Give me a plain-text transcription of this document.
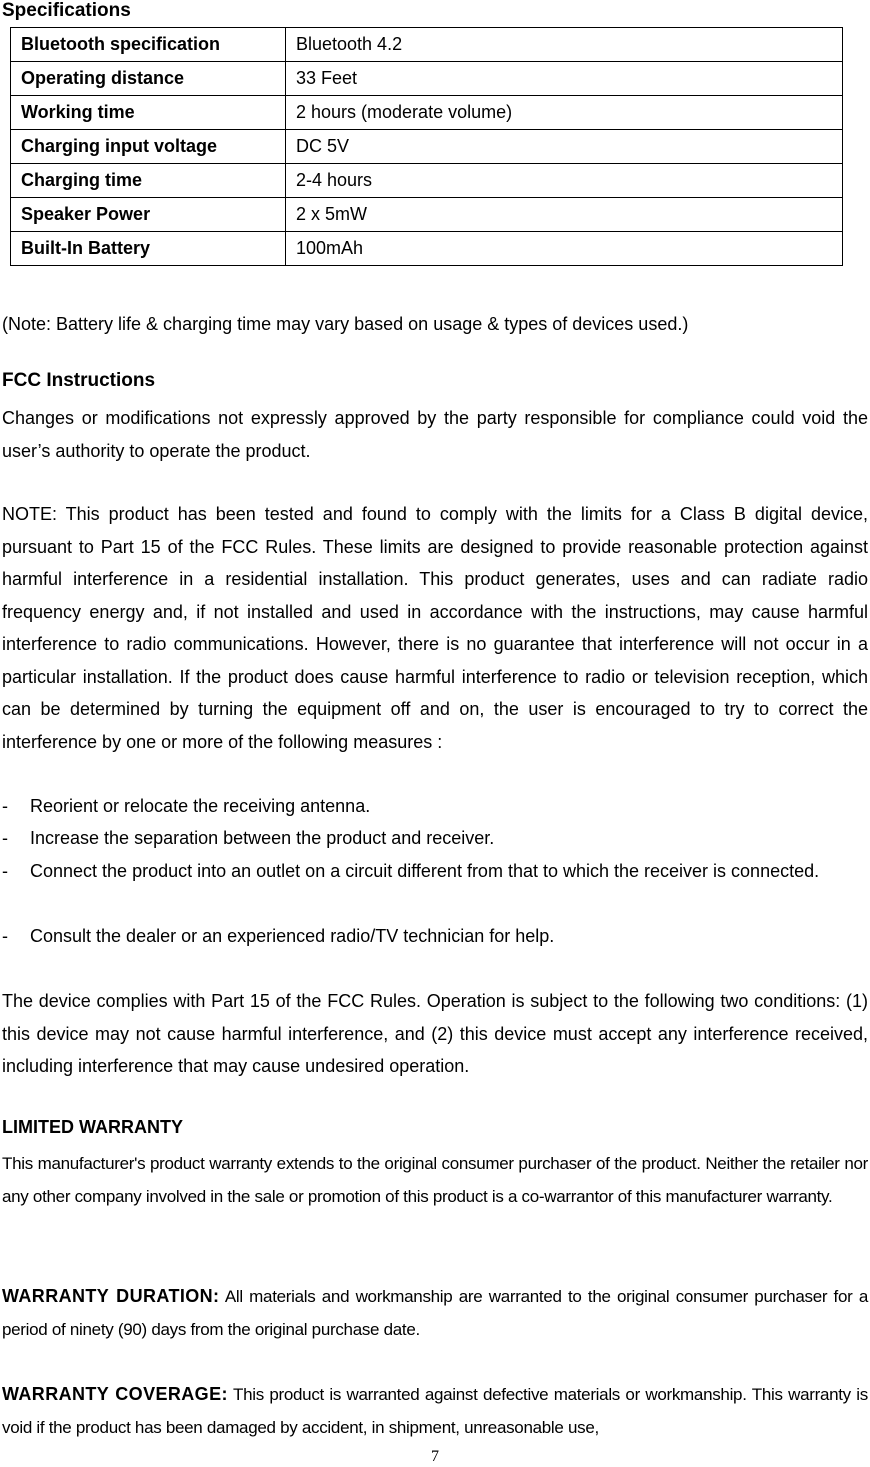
Specifications
Bluetooth specification	Bluetooth 4.2
Operating distance	33 Feet
Working time	2 hours (moderate volume)
Charging input voltage	DC 5V
Charging time	2-4 hours
Speaker Power	2 x 5mW
Built-In Battery	100mAh

(Note: Battery life & charging time may vary based on usage & types of devices used.)

FCC Instructions

Changes or modifications not expressly approved by the party responsible for compliance could void the user’s authority to operate the product.

NOTE: This product has been tested and found to comply with the limits for a Class B digital device, pursuant to Part 15 of the FCC Rules. These limits are designed to provide reasonable protection against harmful interference in a residential installation. This product generates, uses and can radiate radio frequency energy and, if not installed and used in accordance with the instructions, may cause harmful interference to radio communications. However, there is no guarantee that interference will not occur in a particular installation. If the product does cause harmful interference to radio or television reception, which can be determined by turning the equipment off and on, the user is encouraged to try to correct the interference by one or more of the following measures :

- Reorient or relocate the receiving antenna.
- Increase the separation between the product and receiver.
- Connect the product into an outlet on a circuit different from that to which the receiver is connected.
- Consult the dealer or an experienced radio/TV technician for help.

The device complies with Part 15 of the FCC Rules. Operation is subject to the following two conditions: (1) this device may not cause harmful interference, and (2) this device must accept any interference received, including interference that may cause undesired operation.

LIMITED WARRANTY

This manufacturer's product warranty extends to the original consumer purchaser of the product. Neither the retailer nor any other company involved in the sale or promotion of this product is a co-warrantor of this manufacturer warranty.

WARRANTY DURATION: All materials and workmanship are warranted to the original consumer purchaser for a period of ninety (90) days from the original purchase date.

WARRANTY COVERAGE: This product is warranted against defective materials or workmanship. This warranty is void if the product has been damaged by accident, in shipment, unreasonable use,

7
